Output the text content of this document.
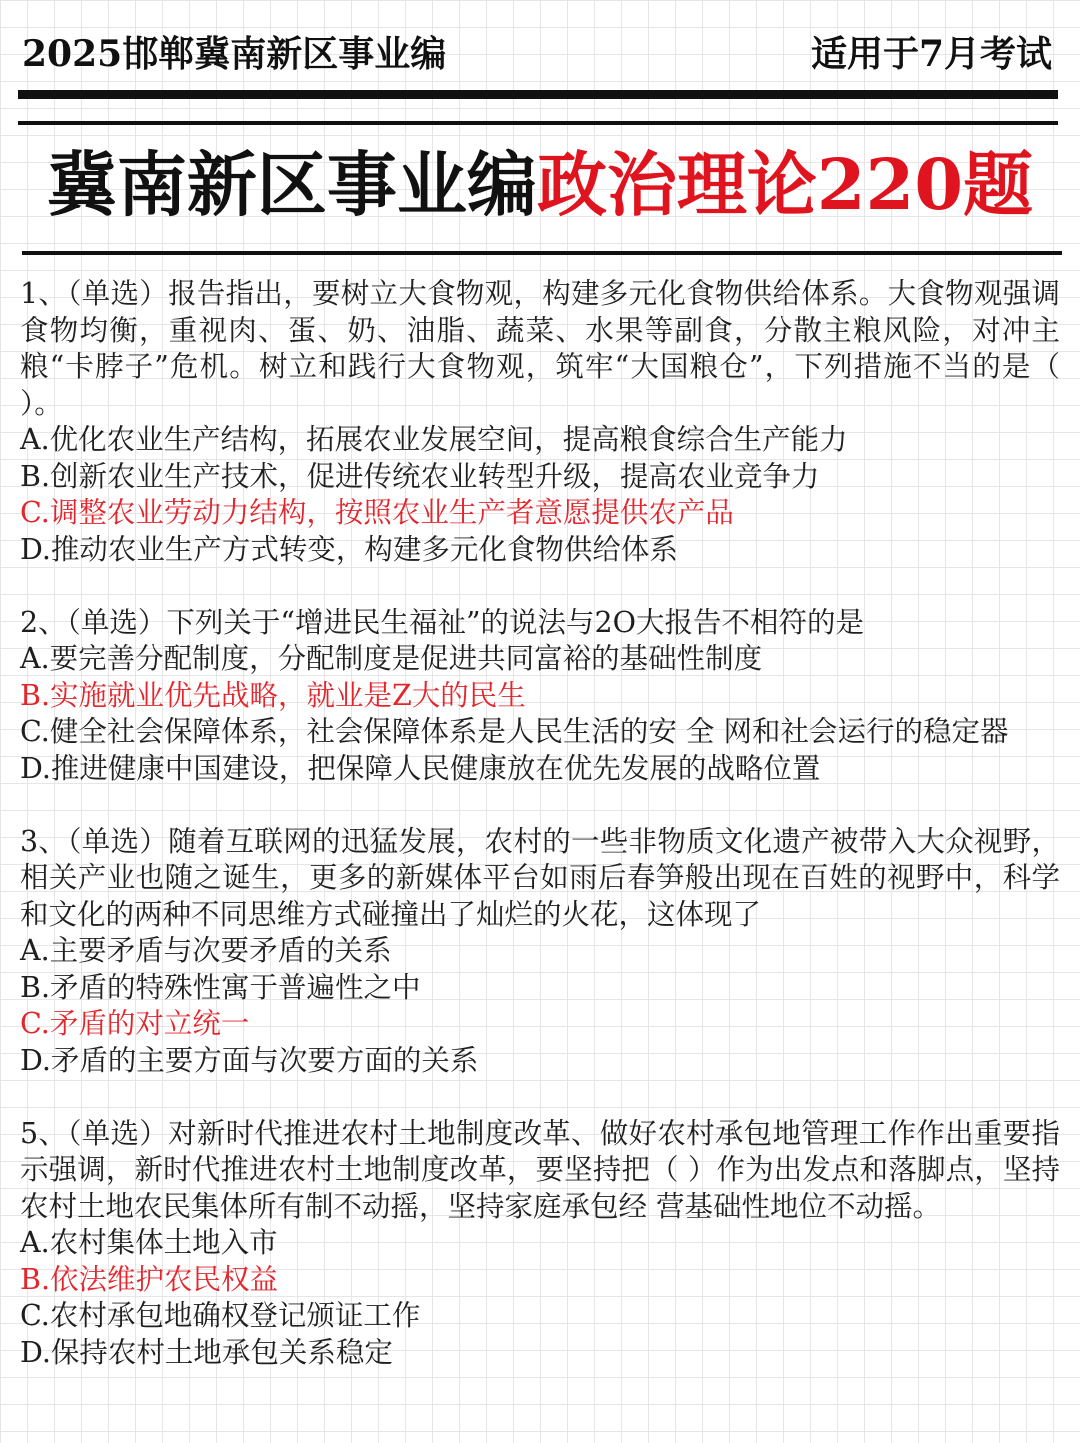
2025邯郸冀南新区事业编	适用于7月考试
冀南新区事业编政治理论220题

1、（单选）报告指出，要树立大食物观，构建多元化食物供给体系。大食物观强调食物均衡，重视肉、蛋、奶、油脂、蔬菜、水果等副食，分散主粮风险，对冲主粮“卡脖子”危机。树立和践行大食物观，筑牢“大国粮仓”，下列措施不当的是（ ）。

A.优化农业生产结构，拓展农业发展空间，提高粮食综合生产能力

B.创新农业生产技术，促进传统农业转型升级，提高农业竞争力

C.调整农业劳动力结构，按照农业生产者意愿提供农产品

D.推动农业生产方式转变，构建多元化食物供给体系

2、（单选）下列关于“增进民生福祉”的说法与2O大报告不相符的是

A.要完善分配制度，分配制度是促进共同富裕的基础性制度

B.实施就业优先战略，就业是Z大的民生

C.健全社会保障体系，社会保障体系是人民生活的安 全 网和社会运行的稳定器

D.推进健康中国建设，把保障人民健康放在优先发展的战略位置

3、（单选）随着互联网的迅猛发展，农村的一些非物质文化遗产被带入大众视野，相关产业也随之诞生，更多的新媒体平台如雨后春笋般出现在百姓的视野中，科学和文化的两种不同思维方式碰撞出了灿烂的火花，这体现了

A.主要矛盾与次要矛盾的关系

B.矛盾的特殊性寓于普遍性之中

C.矛盾的对立统一

D.矛盾的主要方面与次要方面的关系

5、（单选）对新时代推进农村土地制度改革、做好农村承包地管理工作作出重要指示强调，新时代推进农村土地制度改革，要坚持把（ ）作为出发点和落脚点，坚持农村土地农民集体所有制不动摇，坚持家庭承包经 营基础性地位不动摇。

A.农村集体土地入市

B.依法维护农民权益

C.农村承包地确权登记颁证工作

D.保持农村土地承包关系稳定
